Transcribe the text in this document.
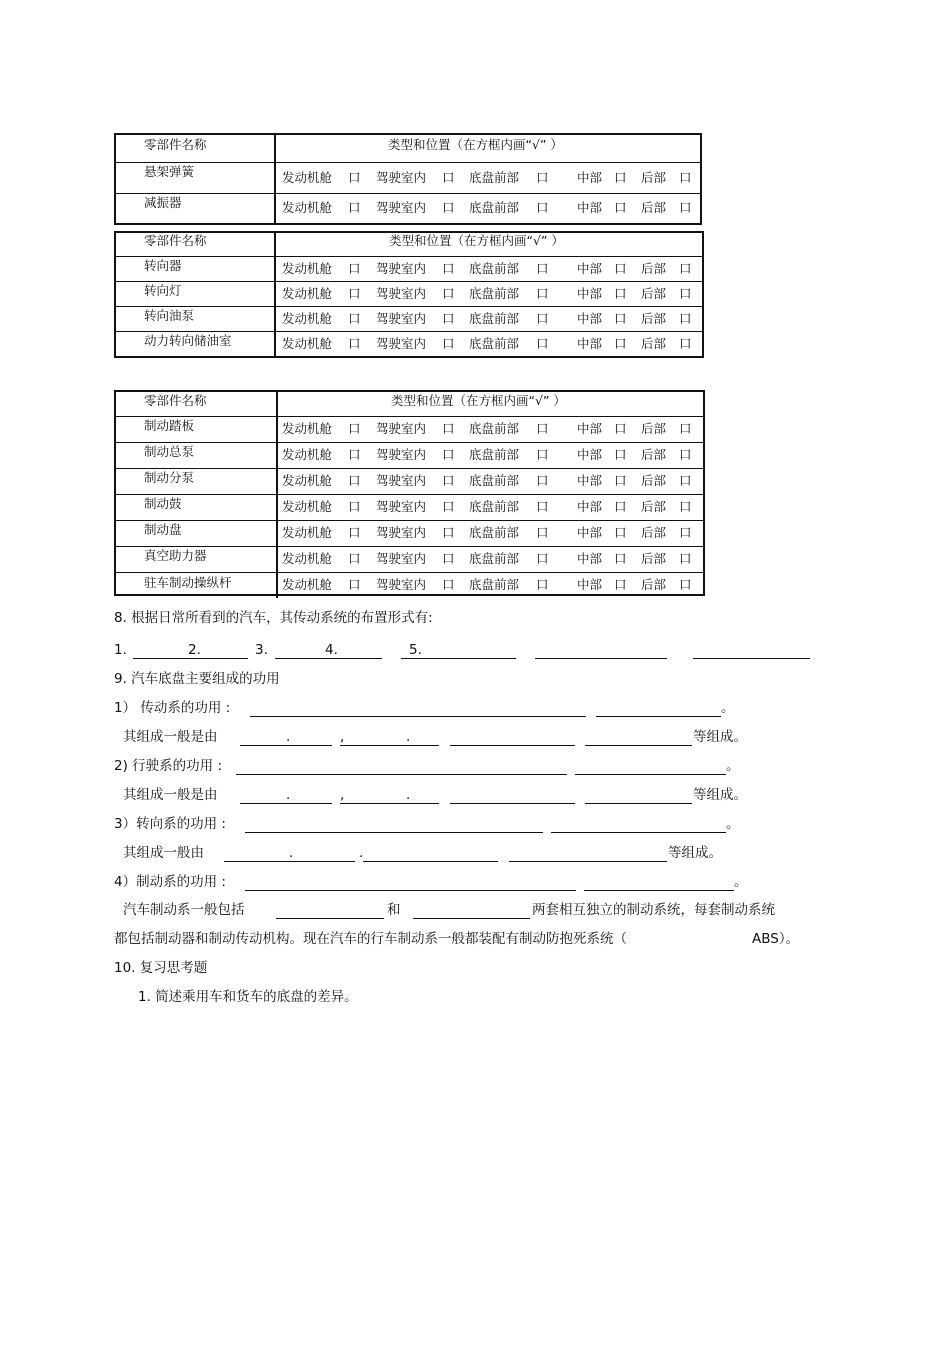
零部件名称	类型和位置（在方框内画“√” ）
悬架弹簧	发动机舱 口 驾驶室内 口 底盘前部 口 中部 口 后部 口
减振器	发动机舱 口 驾驶室内 口 底盘前部 口 中部 口 后部 口
零部件名称	类型和位置（在方框内画“√” ）
转向器	发动机舱 口 驾驶室内 口 底盘前部 口 中部 口 后部 口
转向灯	发动机舱 口 驾驶室内 口 底盘前部 口 中部 口 后部 口
转向油泵	发动机舱 口 驾驶室内 口 底盘前部 口 中部 口 后部 口
动力转向储油室	发动机舱 口 驾驶室内 口 底盘前部 口 中部 口 后部 口
零部件名称	类型和位置（在方框内画“√” ）
制动踏板	发动机舱 口 驾驶室内 口 底盘前部 口 中部 口 后部 口
制动总泵	发动机舱 口 驾驶室内 口 底盘前部 口 中部 口 后部 口
制动分泵	发动机舱 口 驾驶室内 口 底盘前部 口 中部 口 后部 口
制动鼓	发动机舱 口 驾驶室内 口 底盘前部 口 中部 口 后部 口
制动盘	发动机舱 口 驾驶室内 口 底盘前部 口 中部 口 后部 口
真空助力器	发动机舱 口 驾驶室内 口 底盘前部 口 中部 口 后部 口
驻车制动操纵杆	发动机舱 口 驾驶室内 口 底盘前部 口 中部 口 后部 口
8. 根据日常所看到的汽车，其传动系统的布置形式有:
1.	2.	3.	4.	5.
9. 汽车底盘主要组成的功用
1） 传动系的功用 :	。
其组成一般是由	.	,	.	等组成。
2) 行驶系的功用 :	。
其组成一般是由	.	,	.	等组成。
3）转向系的功用 :	。
其组成一般由	.	.	等组成。
4）制动系的功用 :	。
汽车制动系一般包括	和	两套相互独立的制动系统，每套制动系统
都包括制动器和制动传动机构。现在汽车的行车制动系一般都装配有制动防抱死系统（	ABS）。
10. 复习思考题
1. 简述乘用车和货车的底盘的差异。
